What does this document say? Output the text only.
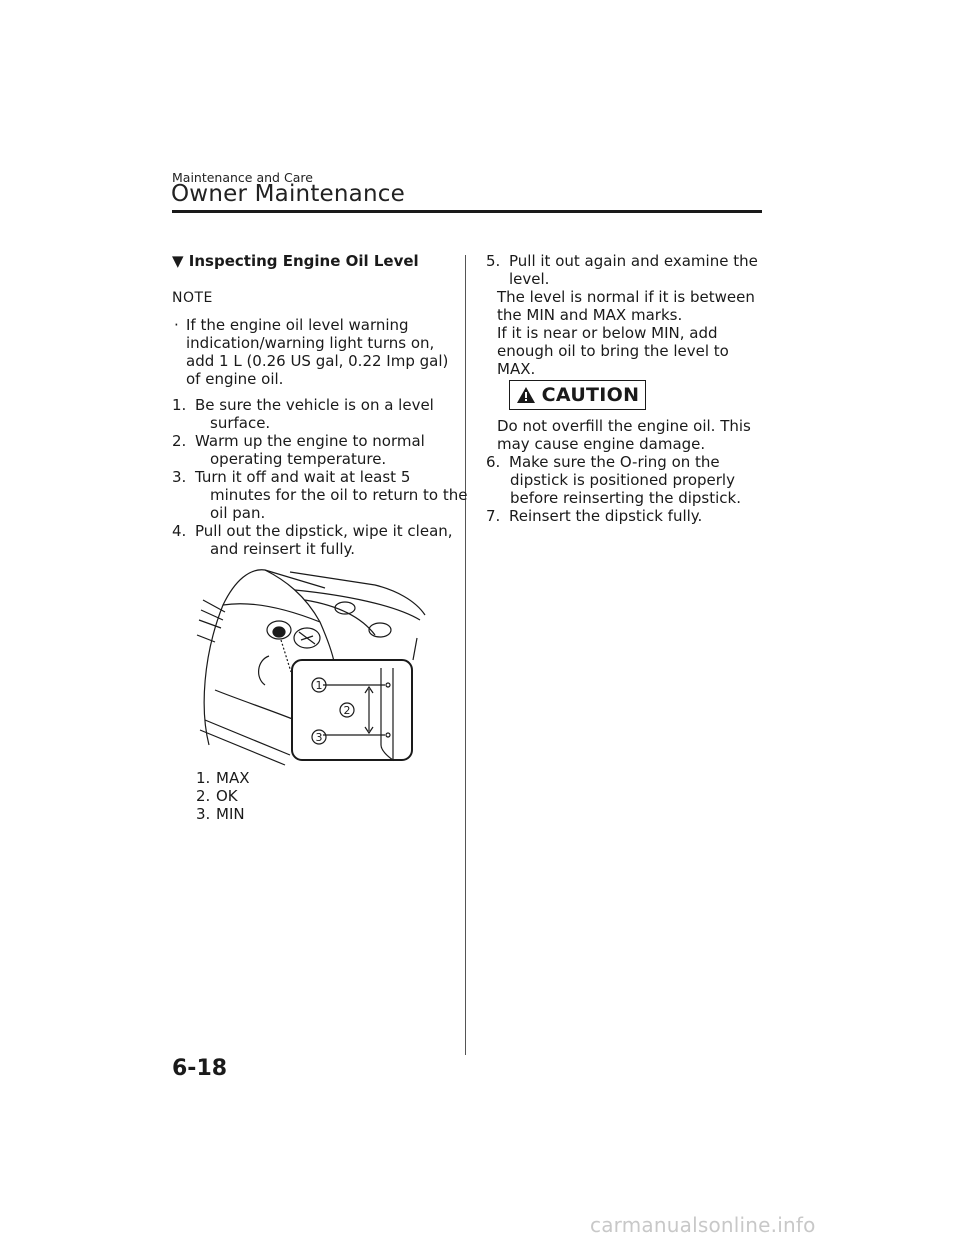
Maintenance and Care
Owner Maintenance
▼ Inspecting Engine Oil Level
NOTE
· If the engine oil level warning
indication/warning light turns on,
add 1 L (0.26 US gal, 0.22 Imp gal)
of engine oil.
1. Be sure the vehicle is on a level
surface.
2. Warm up the engine to normal
operating temperature.
3. Turn it off and wait at least 5
minutes for the oil to return to the
oil pan.
4. Pull out the dipstick, wipe it clean,
and reinsert it fully.
1
2
3
1. MAX
2. OK
3. MIN
5. Pull it out again and examine the
level.
The level is normal if it is between
the MIN and MAX marks.
If it is near or below MIN, add
enough oil to bring the level to
MAX.
CAUTION
Do not overfill the engine oil. This
may cause engine damage.
6. Make sure the O-ring on the
dipstick is positioned properly
before reinserting the dipstick.
7. Reinsert the dipstick fully.
6-18
carmanualsonline.info
